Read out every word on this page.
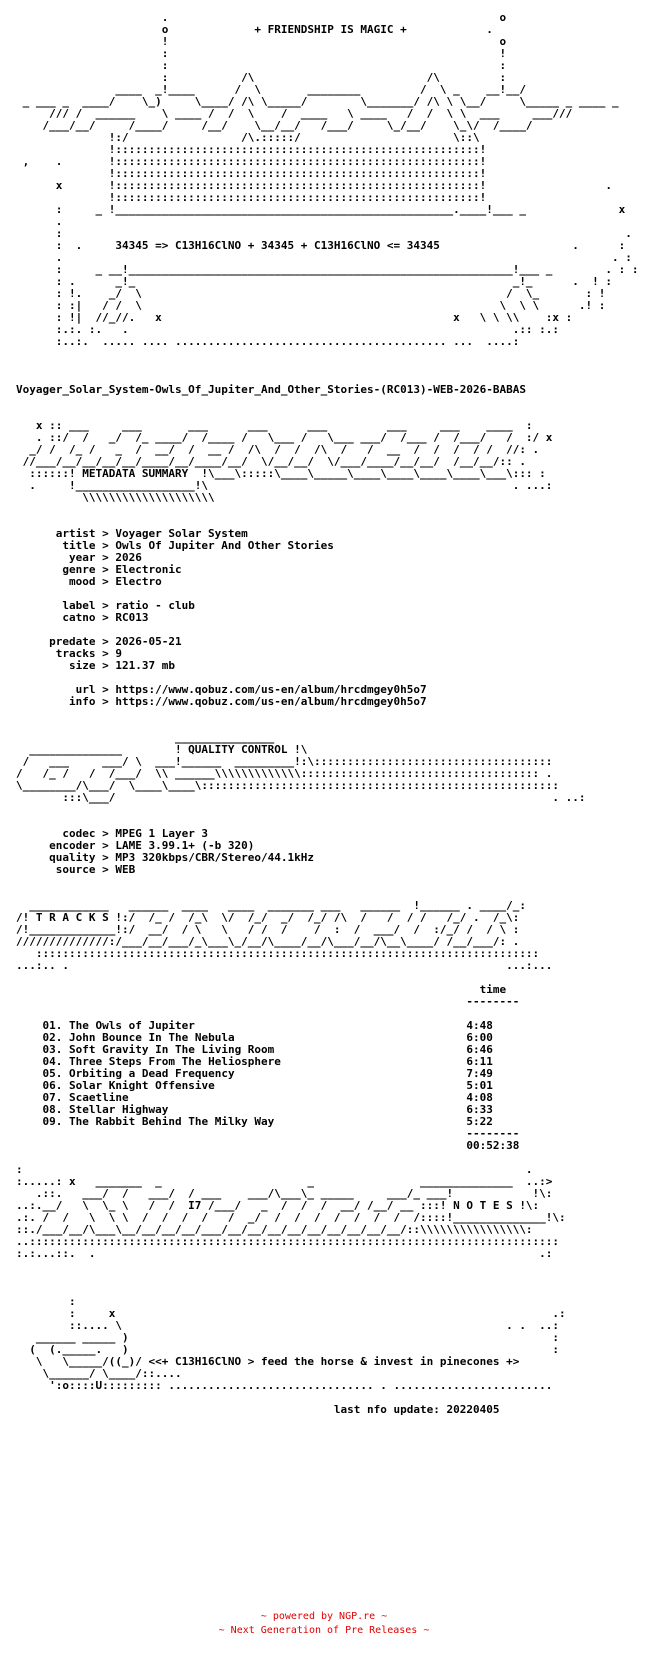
.                                                  o
o             + FRIENDSHIP IS MAGIC +            .
!                                                  o
:                                                  !
:                                                  :
:           /\                          /\         :
____  _!____      /  \       ________         /  \ _    __!__/
_ ___ _  ____/    \_)     \____/ /\ \_____/        \_______/ /\ \ \__/     \_____ _ ____ _
/// /  ______    \ ____ /  /  \    /  ____   \ ____   /  /  \ \  ___     ___///
/___/__/     /____/     /__/    \__/__/   /___/     \_/__/    \_\/  /____/
!:/                 /\.:::::/                       \::\
!:::::::::::::::::::::::::::::::::::::::::::::::::::::::!
,    .       !:::::::::::::::::::::::::::::::::::::::::::::::::::::::!
!:::::::::::::::::::::::::::::::::::::::::::::::::::::::!
x       !:::::::::::::::::::::::::::::::::::::::::::::::::::::::!                  .
!:::::::::::::::::::::::::::::::::::::::::::::::::::::::!
:     _ !___________________________________________________.____!___ _              x
.
:                                                                                     .
:  .     34345 => C13H16ClNO + 34345 + C13H16ClNO <= 34345                    .      :
.                                                                                   . :
:     _ __!__________________________________________________________!___ _        . : :
: .      _!_                                                         _!_      .  ! :
: !.    _/  \                                                       /  \_       : !
: :|   / /  \                                                      \  \ \      .! :
: !|  //_//.   x                                            x   \ \ \\    :x :
:.:. :.   .                                                          .:: :.:
:..:.  ..... .... ......................................... ...  ....:

Voyager_Solar_System-Owls_Of_Jupiter_And_Other_Stories-(RC013)-WEB-2026-BABAS

x :: ___     ___       ___      ___      ___         ___     ___    ____  :
. ::/  /   _/  /_ ____/  /____ /   \___ /   \___ ___/  /___ /  /___/   /  :/ x
_/ /  /_ /   _  /  __/  /  __ /  /\  /  /  /\  /   /  __  /  /  /  / /  //: .
//___/__/__/__/__/____/__/____/__/  \/__/__/  \/___/____/__/__/  /__/__/:: .
::::::! METADATA SUMMARY  !\___\:::::\____\_____\____\____\____\____\___\::: :
.     !__________________!\                                              . ...:
\\\\\\\\\\\\\\\\\\\\

artist > Voyager Solar System
title > Owls Of Jupiter And Other Stories
year > 2026
genre > Electronic
mood > Electro

label > ratio - club
catno > RC013

predate > 2026-05-21
tracks > 9
size > 121.37 mb

url > https://www.qobuz.com/us-en/album/hrcdmgey0h5o7
info > https://www.qobuz.com/us-en/album/hrcdmgey0h5o7

_______________
______________        ! QUALITY CONTROL !\
/   ___     ___/ \  ___!______  _________!:\::::::::::::::::::::::::::::::::::::
/   /_ /   /  /___/  \\ ______\\\\\\\\\\\\\:::::::::::::::::::::::::::::::::::: .
\________/\___/  \____\____\::::::::::::::::::::::::::::::::::::::::::::::::::::::
:::\___/                                                                  . ..:

codec > MPEG 1 Layer 3
encoder > LAME 3.99.1+ (-b 320)
quality > MP3 320kbps/CBR/Stereo/44.1kHz
source > WEB

____________   ______  ____   ____  _______ ___   ______  !______ . ____/_:
/! T R A C K S !:/  /_ /  /_\  \/  /_/  _/  /_/ /\  /   /  / /   /_/ .  /_\:
/!_____________!:/  __/  / \   \   / /  /    /  :  /  ___/  /  :/_/ /  / \ :
//////////////:/___/__/___/_\___\_/__/\____/__/\___/__/\__\____/ /__/___/: .
::::::::::::::::::::::::::::::::::::::::::::::::::::::::::::::::::::::::::::
...:.. .                                                                  ...:...

time
--------

01. The Owls of Jupiter	4:48
02. John Bounce In The Nebula	6:00
03. Soft Gravity In The Living Room	6:46
04. Three Steps From The Heliosphere	6:11
05. Orbiting a Dead Frequency	7:49
06. Solar Knight Offensive	5:01
07. Scaetline	4:08
08. Stellar Highway	6:33
09. The Rabbit Behind The Milky Way	5:22

--------
00:52:38

:                                                                            .
:.....: x   _______  _                      _                ______________  ..:>
.::.   ___/  /   ___/  / ___    ___/\___\_ _____     ___/_ ___!            !\:
..:.__/   \  \_ \   /  /  I7 /___/   _  /  /  /  __/ /__/ __ :::! N O T E S !\:
.:. /  /   \  \ \  /  /  /  /   /  _/  /  /  /  /  /  /  /  /::::!______________!\:
::./___/__/\___\__/__/__/__/___/__/__/__/__/__/__/__/__/__/::\\\\\\\\\\\\\\\\:
..::::::::::::::::::::::::::::::::::::::::::::::::::::::::::::::::::::::::::::::::
:.:...::.  .                                                                   .:

:
:     x                                                                  .:
::.... \                                                          . .  ..:
______ _____ )                                                                :
(  (._____.   )                                                                :
\   \_____/((_)/ <<+ C13H16ClNO > feed the horse & invest in pinecones +>
\______/ \____/::....
':o::::U::::::::: ............................... . ........................

last nfo update: 20220405
~ powered by NGP.re ~
~ Next Generation of Pre Releases ~
